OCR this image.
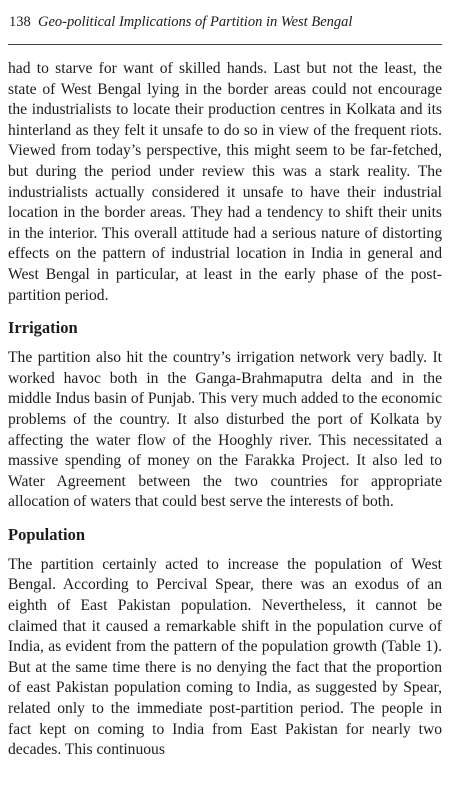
138 Geo-political Implications of Partition in West Bengal

had to starve for want of skilled hands. Last but not the least, the state of West Bengal lying in the border areas could not encourage the industrialists to locate their production centres in Kolkata and its hinterland as they felt it unsafe to do so in view of the frequent riots. Viewed from today’s perspective, this might seem to be far-fetched, but during the period under review this was a stark reality. The industrialists actually considered it unsafe to have their industrial location in the border areas. They had a tendency to shift their units in the interior. This overall attitude had a serious nature of distorting effects on the pattern of industrial location in India in general and West Bengal in particular, at least in the early phase of the post-partition period.

Irrigation

The partition also hit the country’s irrigation network very badly. It worked havoc both in the Ganga-Brahmaputra delta and in the middle Indus basin of Punjab. This very much added to the economic problems of the country. It also disturbed the port of Kolkata by affecting the water flow of the Hooghly river. This necessitated a massive spending of money on the Farakka Project. It also led to Water Agreement between the two countries for appropriate allocation of waters that could best serve the interests of both.

Population

The partition certainly acted to increase the population of West Bengal. According to Percival Spear, there was an exodus of an eighth of East Pakistan population. Nevertheless, it cannot be claimed that it caused a remarkable shift in the population curve of India, as evident from the pattern of the population growth (Table 1). But at the same time there is no denying the fact that the proportion of east Pakistan population coming to India, as suggested by Spear, related only to the immediate post-partition period. The people in fact kept on coming to India from East Pakistan for nearly two decades. This continuous
